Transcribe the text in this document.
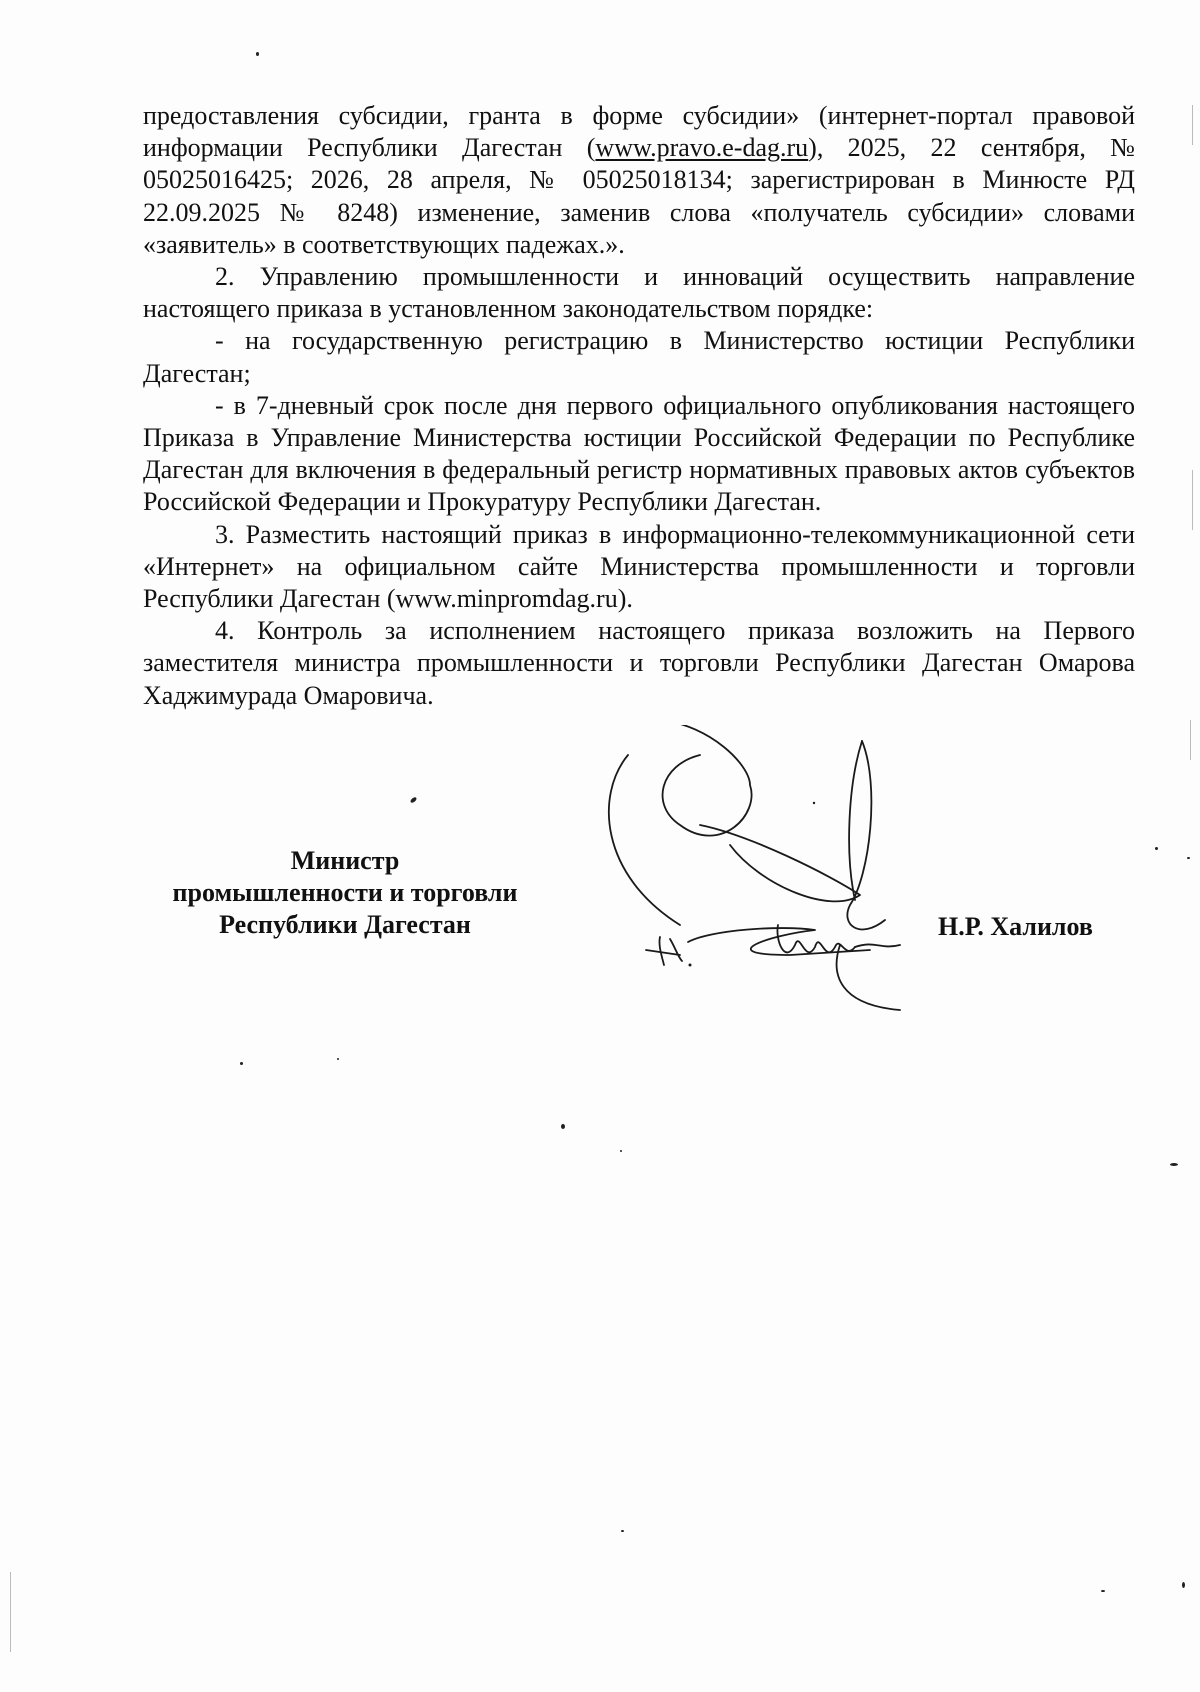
предоставления субсидии, гранта в форме субсидии» (интернет-портал правовой информации Республики Дагестан (www.pravo.e-dag.ru), 2025, 22 сентября, № 05025016425; 2026, 28 апреля, № 05025018134; зарегистрирован в Минюсте РД 22.09.2025 № 8248) изменение, заменив слова «получатель субсидии» словами «заявитель» в соответствующих падежах.».

2. Управлению промышленности и инноваций осуществить направление настоящего приказа в установленном законодательством порядке:

- на государственную регистрацию в Министерство юстиции Республики Дагестан;

- в 7-дневный срок после дня первого официального опубликования настоящего Приказа в Управление Министерства юстиции Российской Федерации по Республике Дагестан для включения в федеральный регистр нормативных правовых актов субъектов Российской Федерации и Прокуратуру Республики Дагестан.

3. Разместить настоящий приказ в информационно-телекоммуникационной сети «Интернет» на официальном сайте Министерства промышленности и торговли Республики Дагестан (www.minpromdag.ru).

4. Контроль за исполнением настоящего приказа возложить на Первого заместителя министра промышленности и торговли Республики Дагестан Омарова Хаджимурада Омаровича.

Министр
промышленности и торговли
Республики Дагестан	Н.Р. Халилов
